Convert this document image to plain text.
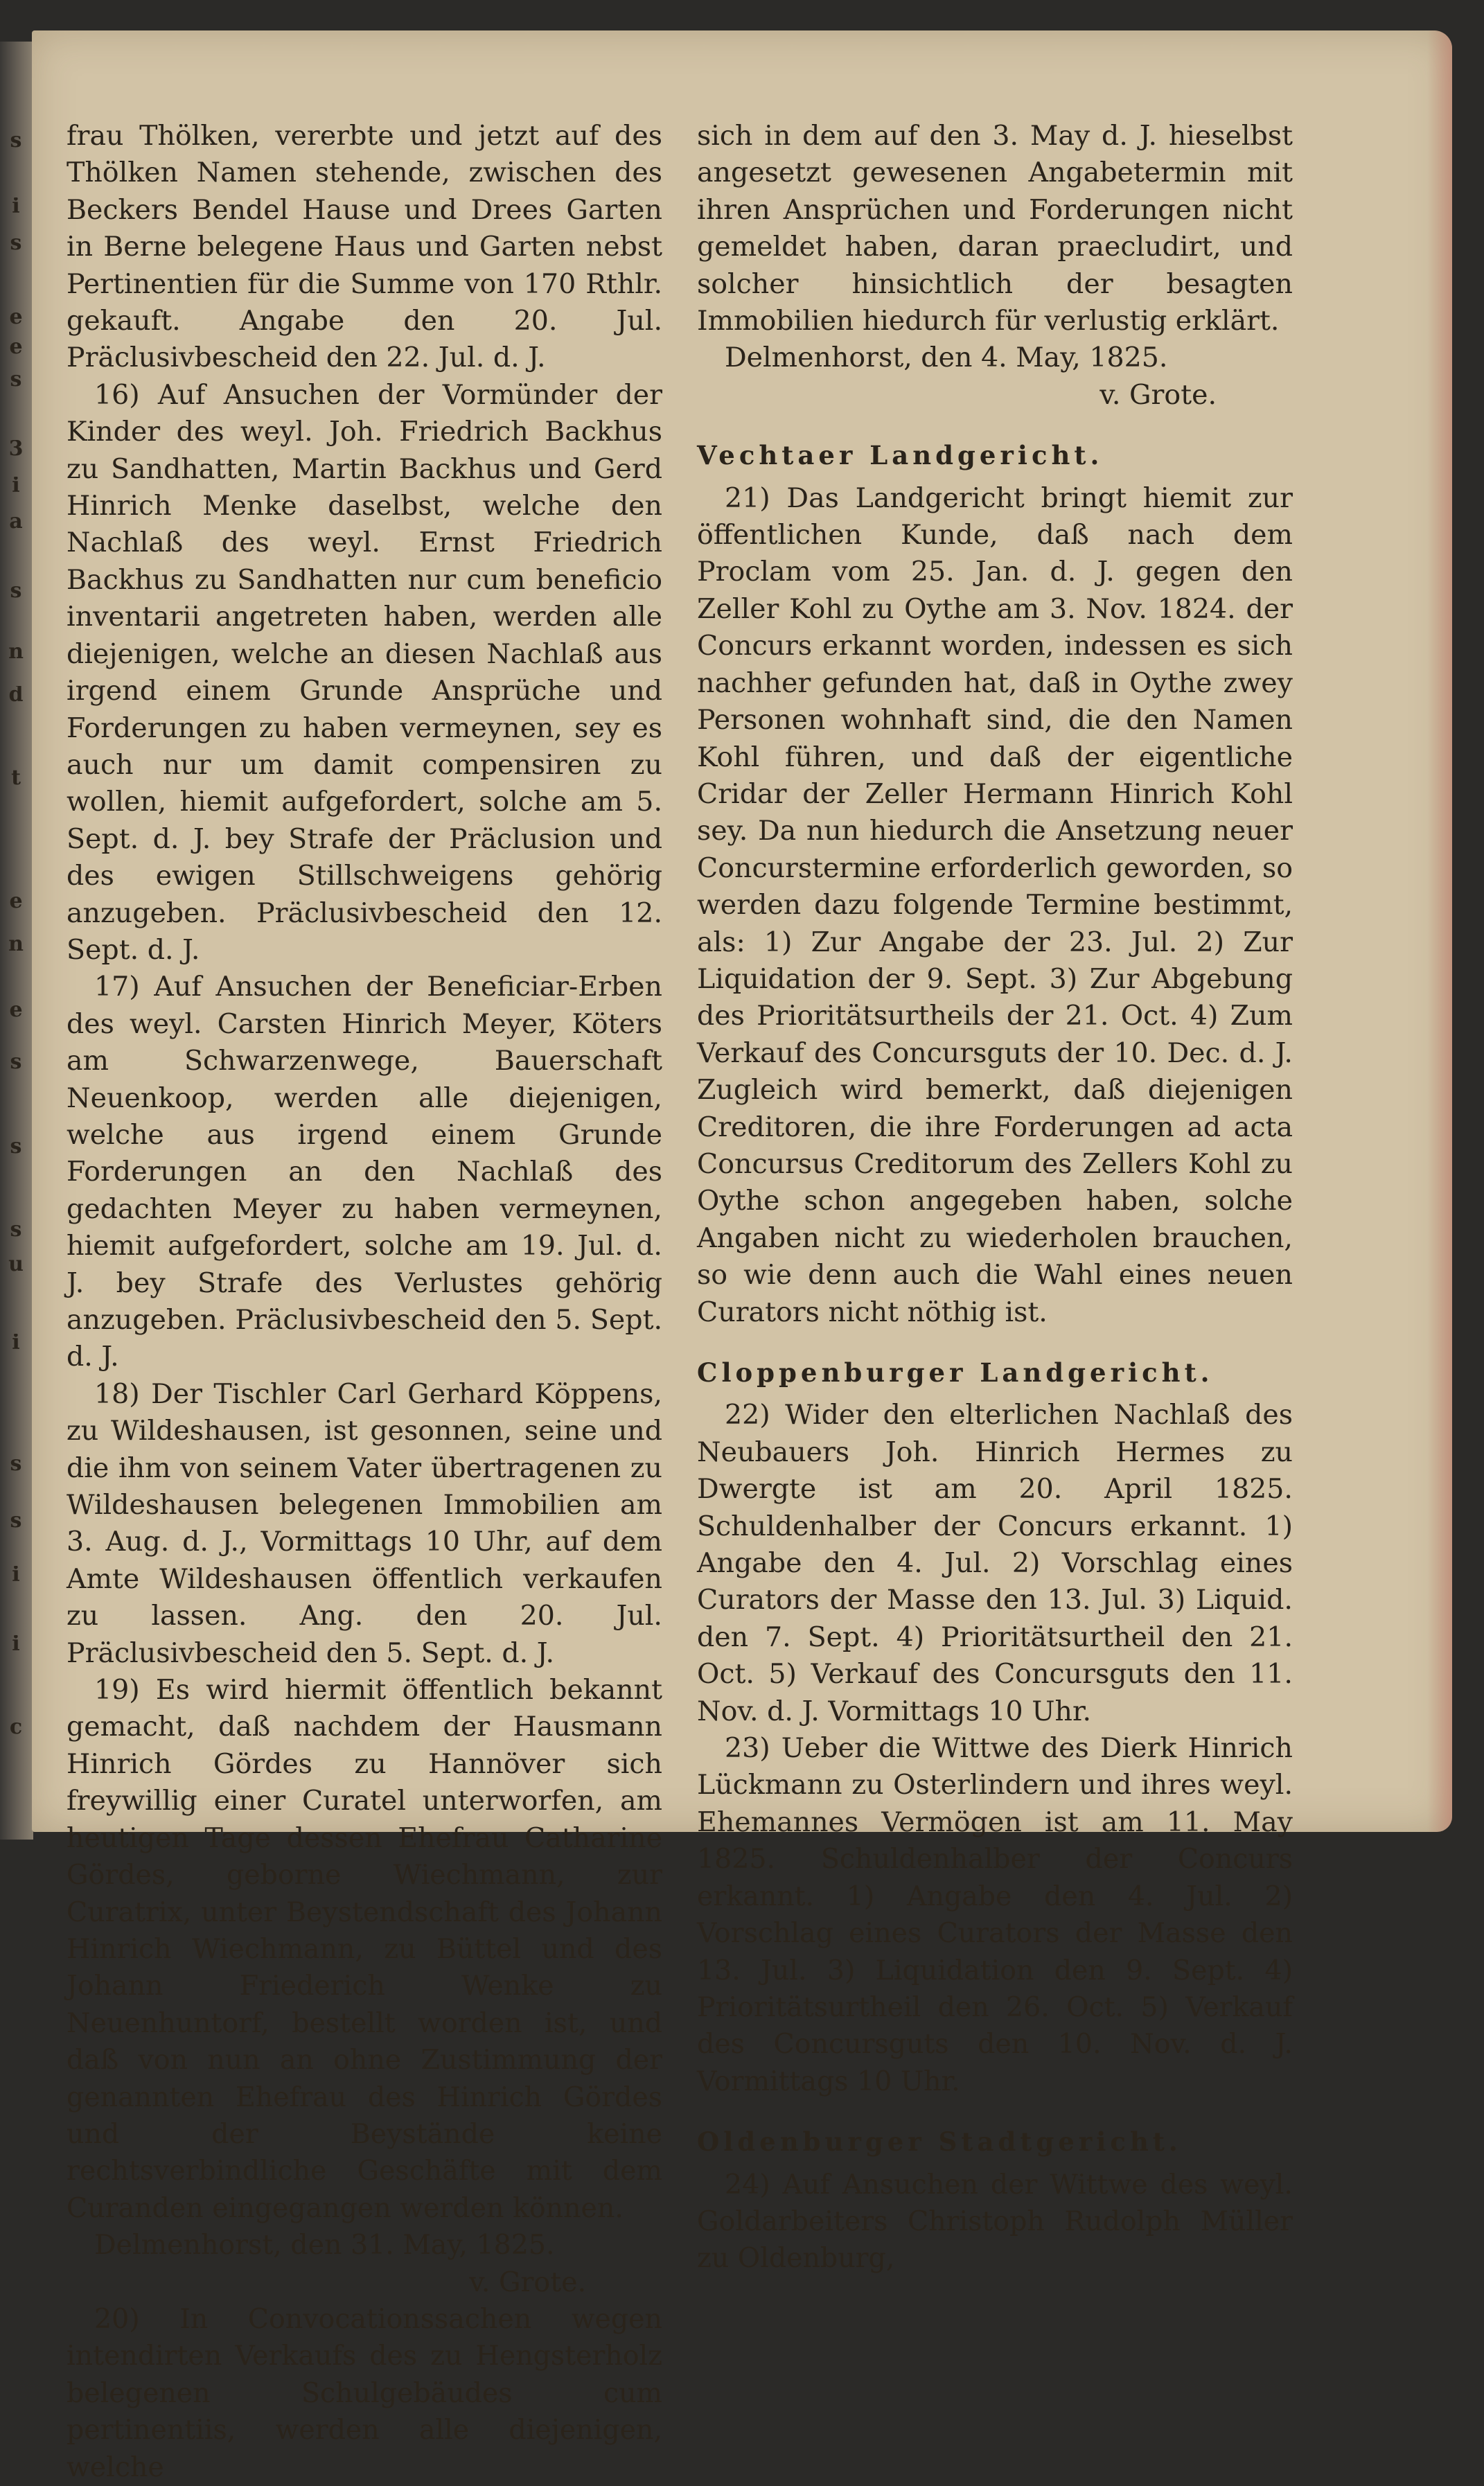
s
i
s
e
e
s
3
i
a
s
n
d
t
e
n
e
s
s
s
u
i
s
s
i
i
c

frau Thölken, vererbte und jetzt auf des Thölken Namen stehende, zwischen des Beckers Bendel Hause und Drees Garten in Berne belegene Haus und Garten nebst Pertinentien für die Summe von 170 Rthlr. gekauft. Angabe den 20. Jul. Präclusivbescheid den 22. Jul. d. J.

16) Auf Ansuchen der Vormünder der Kinder des weyl. Joh. Friedrich Backhus zu Sandhatten, Martin Backhus und Gerd Hinrich Menke daselbst, welche den Nachlaß des weyl. Ernst Friedrich Backhus zu Sandhatten nur cum beneficio inventarii angetreten haben, werden alle diejenigen, welche an diesen Nachlaß aus irgend einem Grunde Ansprüche und Forderungen zu haben vermeynen, sey es auch nur um damit compensiren zu wollen, hiemit aufgefordert, solche am 5. Sept. d. J. bey Strafe der Präclusion und des ewigen Stillschweigens gehörig anzugeben. Präclusivbescheid den 12. Sept. d. J.

17) Auf Ansuchen der Beneficiar-Erben des weyl. Carsten Hinrich Meyer, Köters am Schwarzenwege, Bauerschaft Neuenkoop, werden alle diejenigen, welche aus irgend einem Grunde Forderungen an den Nachlaß des gedachten Meyer zu haben vermeynen, hiemit aufgefordert, solche am 19. Jul. d. J. bey Strafe des Verlustes gehörig anzugeben. Präclusivbescheid den 5. Sept. d. J.

18) Der Tischler Carl Gerhard Köppens, zu Wildeshausen, ist gesonnen, seine und die ihm von seinem Vater übertragenen zu Wildeshausen belegenen Immobilien am 3. Aug. d. J., Vormittags 10 Uhr, auf dem Amte Wildeshausen öffentlich verkaufen zu lassen. Ang. den 20. Jul. Präclusivbescheid den 5. Sept. d. J.

19) Es wird hiermit öffentlich bekannt gemacht, daß nachdem der Hausmann Hinrich Gördes zu Hannöver sich freywillig einer Curatel unterworfen, am heutigen Tage dessen Ehefrau Catharine Gördes, geborne Wiechmann, zur Curatrix, unter Beystendschaft des Johann Hinrich Wiechmann, zu Büttel und des Johann Friederich Wenke zu Neuenhuntorf, bestellt worden ist, und daß von nun an ohne Zustimmung der genannten Ehefrau des Hinrich Gördes und der Beystände keine rechtsverbindliche Geschäfte mit dem Curanden eingegangen werden können.

Delmenhorst, den 31. May, 1825.

v. Grote.

20) In Convocationssachen wegen intendirten Verkaufs des zu Hengsterholz belegenen Schulgebäudes cum pertinentiis, werden alle diejenigen, welche

sich in dem auf den 3. May d. J. hieselbst angesetzt gewesenen Angabetermin mit ihren Ansprüchen und Forderungen nicht gemeldet haben, daran praecludirt, und solcher hinsichtlich der besagten Immobilien hiedurch für verlustig erklärt.

Delmenhorst, den 4. May, 1825.

v. Grote.

Vechtaer Landgericht.

21) Das Landgericht bringt hiemit zur öffentlichen Kunde, daß nach dem Proclam vom 25. Jan. d. J. gegen den Zeller Kohl zu Oythe am 3. Nov. 1824. der Concurs erkannt worden, indessen es sich nachher gefunden hat, daß in Oythe zwey Personen wohnhaft sind, die den Namen Kohl führen, und daß der eigentliche Cridar der Zeller Hermann Hinrich Kohl sey. Da nun hiedurch die Ansetzung neuer Concurstermine erforderlich geworden, so werden dazu folgende Termine bestimmt, als: 1) Zur Angabe der 23. Jul. 2) Zur Liquidation der 9. Sept. 3) Zur Abgebung des Prioritätsurtheils der 21. Oct. 4) Zum Verkauf des Concursguts der 10. Dec. d. J. Zugleich wird bemerkt, daß diejenigen Creditoren, die ihre Forderungen ad acta Concursus Creditorum des Zellers Kohl zu Oythe schon angegeben haben, solche Angaben nicht zu wiederholen brauchen, so wie denn auch die Wahl eines neuen Curators nicht nöthig ist.

Cloppenburger Landgericht.

22) Wider den elterlichen Nachlaß des Neubauers Joh. Hinrich Hermes zu Dwergte ist am 20. April 1825. Schuldenhalber der Concurs erkannt. 1) Angabe den 4. Jul. 2) Vorschlag eines Curators der Masse den 13. Jul. 3) Liquid. den 7. Sept. 4) Prioritätsurtheil den 21. Oct. 5) Verkauf des Concursguts den 11. Nov. d. J. Vormittags 10 Uhr.

23) Ueber die Wittwe des Dierk Hinrich Lückmann zu Osterlindern und ihres weyl. Ehemannes Vermögen ist am 11. May 1825. Schuldenhalber der Concurs erkannt. 1) Angabe den 4. Jul. 2) Vorschlag eines Curators der Masse den 13. Jul. 3) Liquidation den 9. Sept. 4) Prioritätsurtheil den 26. Oct. 5) Verkauf des Concursguts den 10. Nov. d. J. Vormittags 10 Uhr.

Oldenburger Stadtgericht.

24) Auf Ansuchen der Wittwe des weyl. Goldarbeiters Christoph Rudolph Müller zu Oldenburg,
